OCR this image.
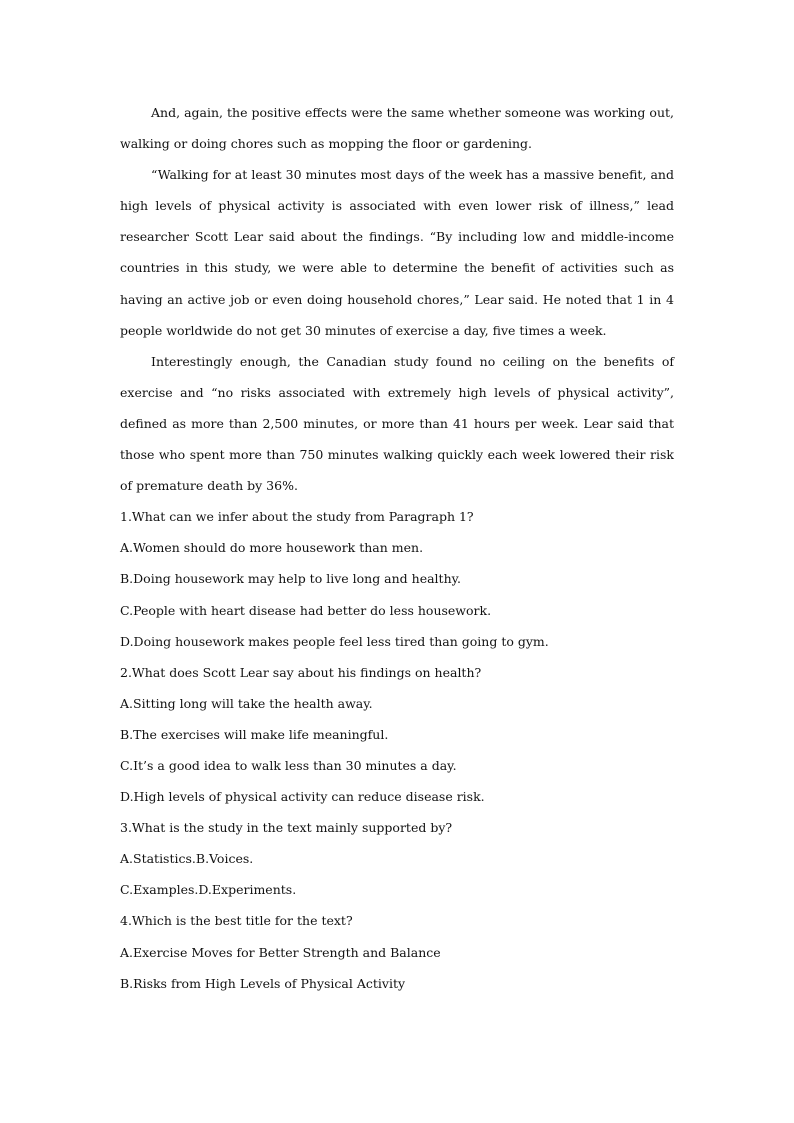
And, again, the positive effects were the same whether someone was working out, walking or doing chores such as mopping the floor or gardening.

“Walking for at least 30 minutes most days of the week has a massive benefit, and high levels of physical activity is associated with even lower risk of illness,” lead researcher Scott Lear said about the findings. “By including low and middle-income countries in this study, we were able to determine the benefit of activities such as having an active job or even doing household chores,” Lear said. He noted that 1 in 4 people worldwide do not get 30 minutes of exercise a day, five times a week.

Interestingly enough, the Canadian study found no ceiling on the benefits of exercise and “no risks associated with extremely high levels of physical activity”, defined as more than 2,500 minutes, or more than 41 hours per week. Lear said that those who spent more than 750 minutes walking quickly each week lowered their risk of premature death by 36%.

1.What can we infer about the study from Paragraph 1?

A.Women should do more housework than men.

B.Doing housework may help to live long and healthy.

C.People with heart disease had better do less housework.

D.Doing housework makes people feel less tired than going to gym.

2.What does Scott Lear say about his findings on health?

A.Sitting long will take the health away.

B.The exercises will make life meaningful.

C.It’s a good idea to walk less than 30 minutes a day.

D.High levels of physical activity can reduce disease risk.

3.What is the study in the text mainly supported by?

A.Statistics.B.Voices.

C.Examples.D.Experiments.

4.Which is the best title for the text?

A.Exercise Moves for Better Strength and Balance

B.Risks from High Levels of Physical Activity
